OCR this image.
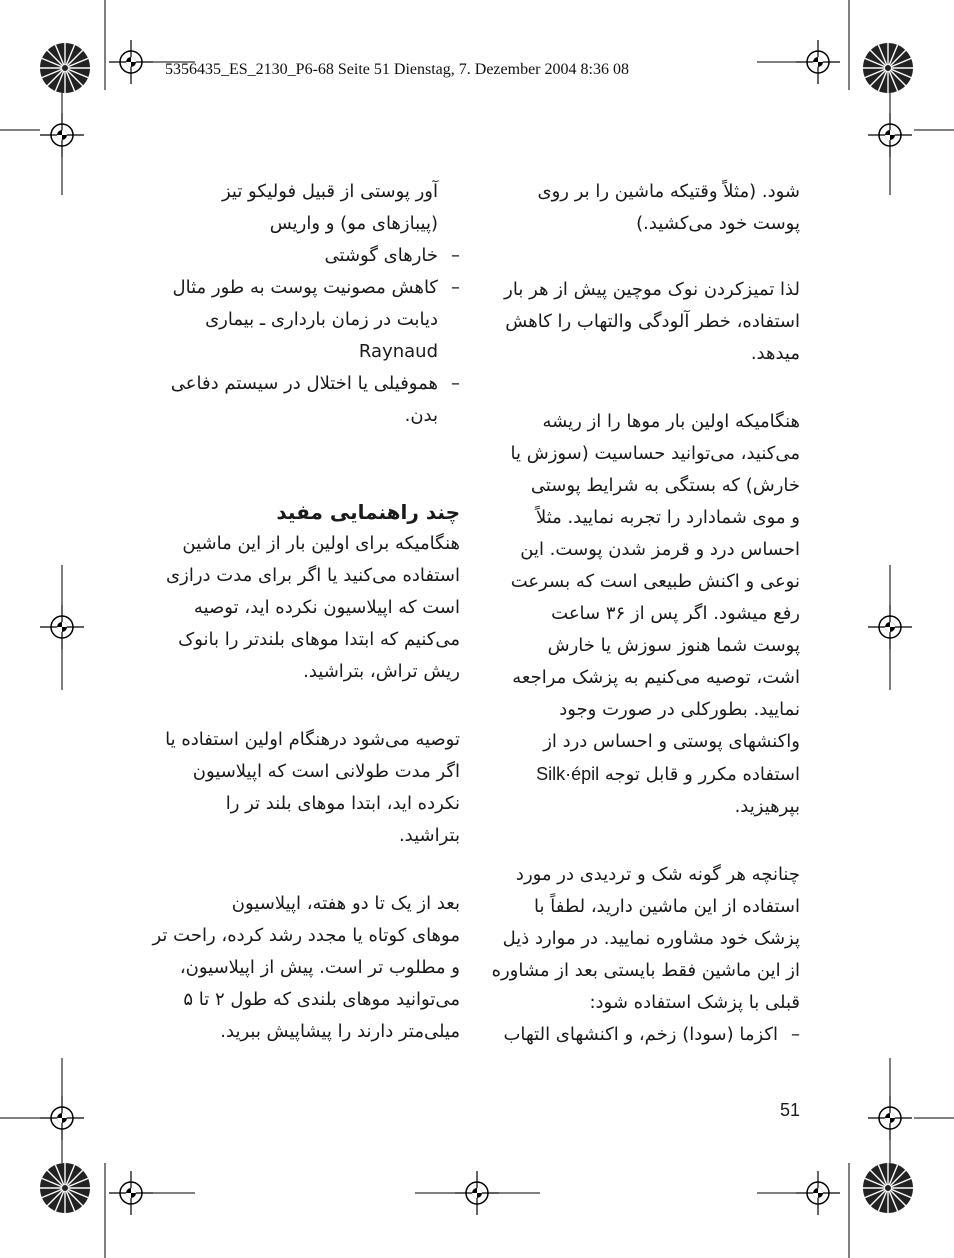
5356435_ES_2130_P6-68 Seite 51 Dienstag, 7. Dezember 2004 8:36 08

شود. (مثلاً وقتیکه ماشین را بر روی
پوست خود می‌کشید.)

لذا تمیزکردن نوک موچین پیش از هر بار
استفاده، خطر آلودگی والتهاب را کاهش
میدهد.

هنگامیکه اولین بار موها را از ریشه
می‌کنید، می‌توانید حساسیت (سوزش یا
خارش) که بستگی به شرایط پوستی
و موی شمادارد را تجربه نمایید. مثلاً
احساس درد و قرمز شدن پوست. این
نوعی و اکنش طبیعی است که بسرعت
رفع میشود. اگر پس از ۳۶ ساعت
پوست شما هنوز سوزش یا خارش
اشت، توصیه می‌کنیم به پزشک مراجعه
نمایید. بطورکلی در صورت وجود
واکنشهای پوستی و احساس درد از
استفاده مکرر و قابل توجه Silk·épil
بپرهیزید.

چنانچه هر گونه شک و تردیدی در مورد
استفاده از این ماشین دارید، لطفاً با
پزشک خود مشاوره نمایید. در موارد ذیل
از این ماشین فقط بایستی بعد از مشاوره
قبلی با پزشک استفاده شود:

–
اکزما (سودا) زخم، و اکنشهای التهاب

آور پوستی از قبیل فولیکو تیز
(پیبازهای مو) و واریس

–
خارهای گوشتی
–
کاهش مصونیت پوست به طور مثال
دیابت در زمان بارداری ـ بیماری
Raynaud
–
هموفیلی یا اختلال در سیستم دفاعی
بدن.

چند راهنمایی مفید

هنگامیکه برای اولین بار از این ماشین
استفاده می‌کنید یا اگر برای مدت درازی
است که اپیلاسیون نکرده اید، توصیه
می‌کنیم که ابتدا موهای بلندتر را بانوک
ریش تراش، بتراشید.

توصیه می‌شود درهنگام اولین استفاده یا
اگر مدت طولانی است که اپیلاسیون
نکرده اید، ابتدا موهای بلند تر را
بتراشید.

بعد از یک تا دو هفته، اپیلاسیون
موهای کوتاه یا مجدد رشد کرده، راحت تر
و مطلوب تر است. پیش از اپیلاسیون،
می‌توانید موهای بلندی که طول ۲ تا ۵
میلی‌متر دارند را پیشاپیش ببرید.

51
